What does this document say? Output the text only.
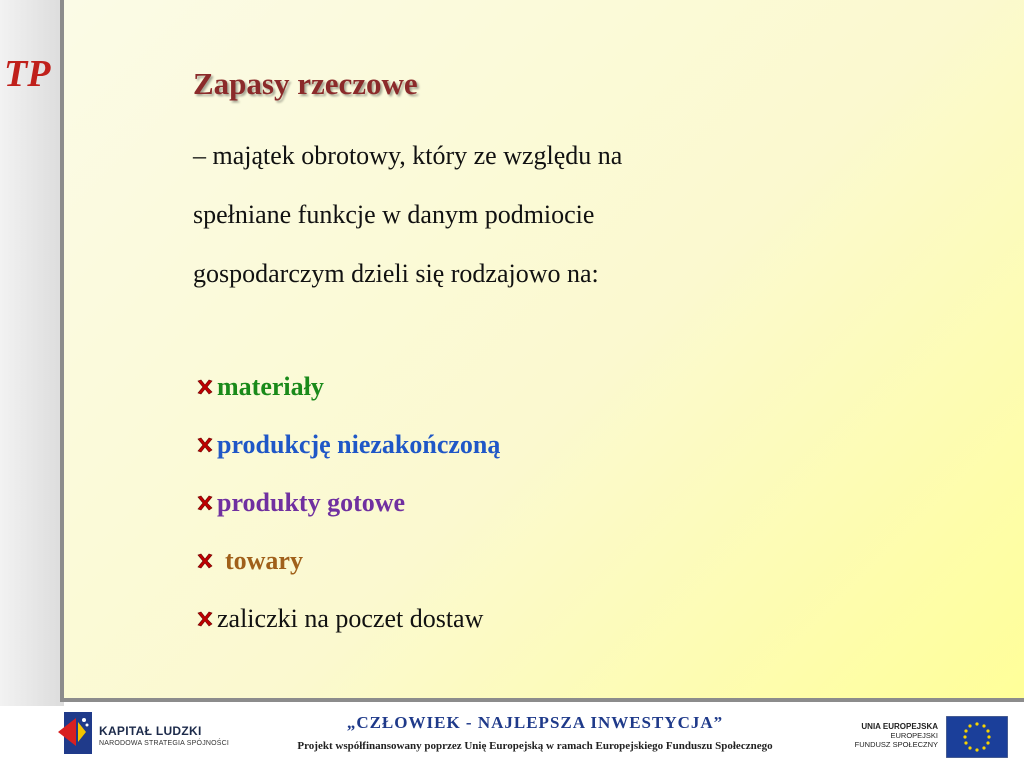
TP	Zapasy rzeczowe
– majątek obrotowy, który ze względu na
spełniane funkcje w danym podmiocie
gospodarczym dzieli się rodzajowo na:
materiały
produkcję niezakończoną
produkty gotowe
towary
zaliczki na poczet dostaw
KAPITAŁ LUDZKI
NARODOWA STRATEGIA SPÓJNOŚCI
„CZŁOWIEK - NAJLEPSZA INWESTYCJA”
Projekt współfinansowany poprzez Unię Europejską w ramach Europejskiego Funduszu Społecznego
UNIA EUROPEJSKA
EUROPEJSKI
FUNDUSZ SPOŁECZNY
